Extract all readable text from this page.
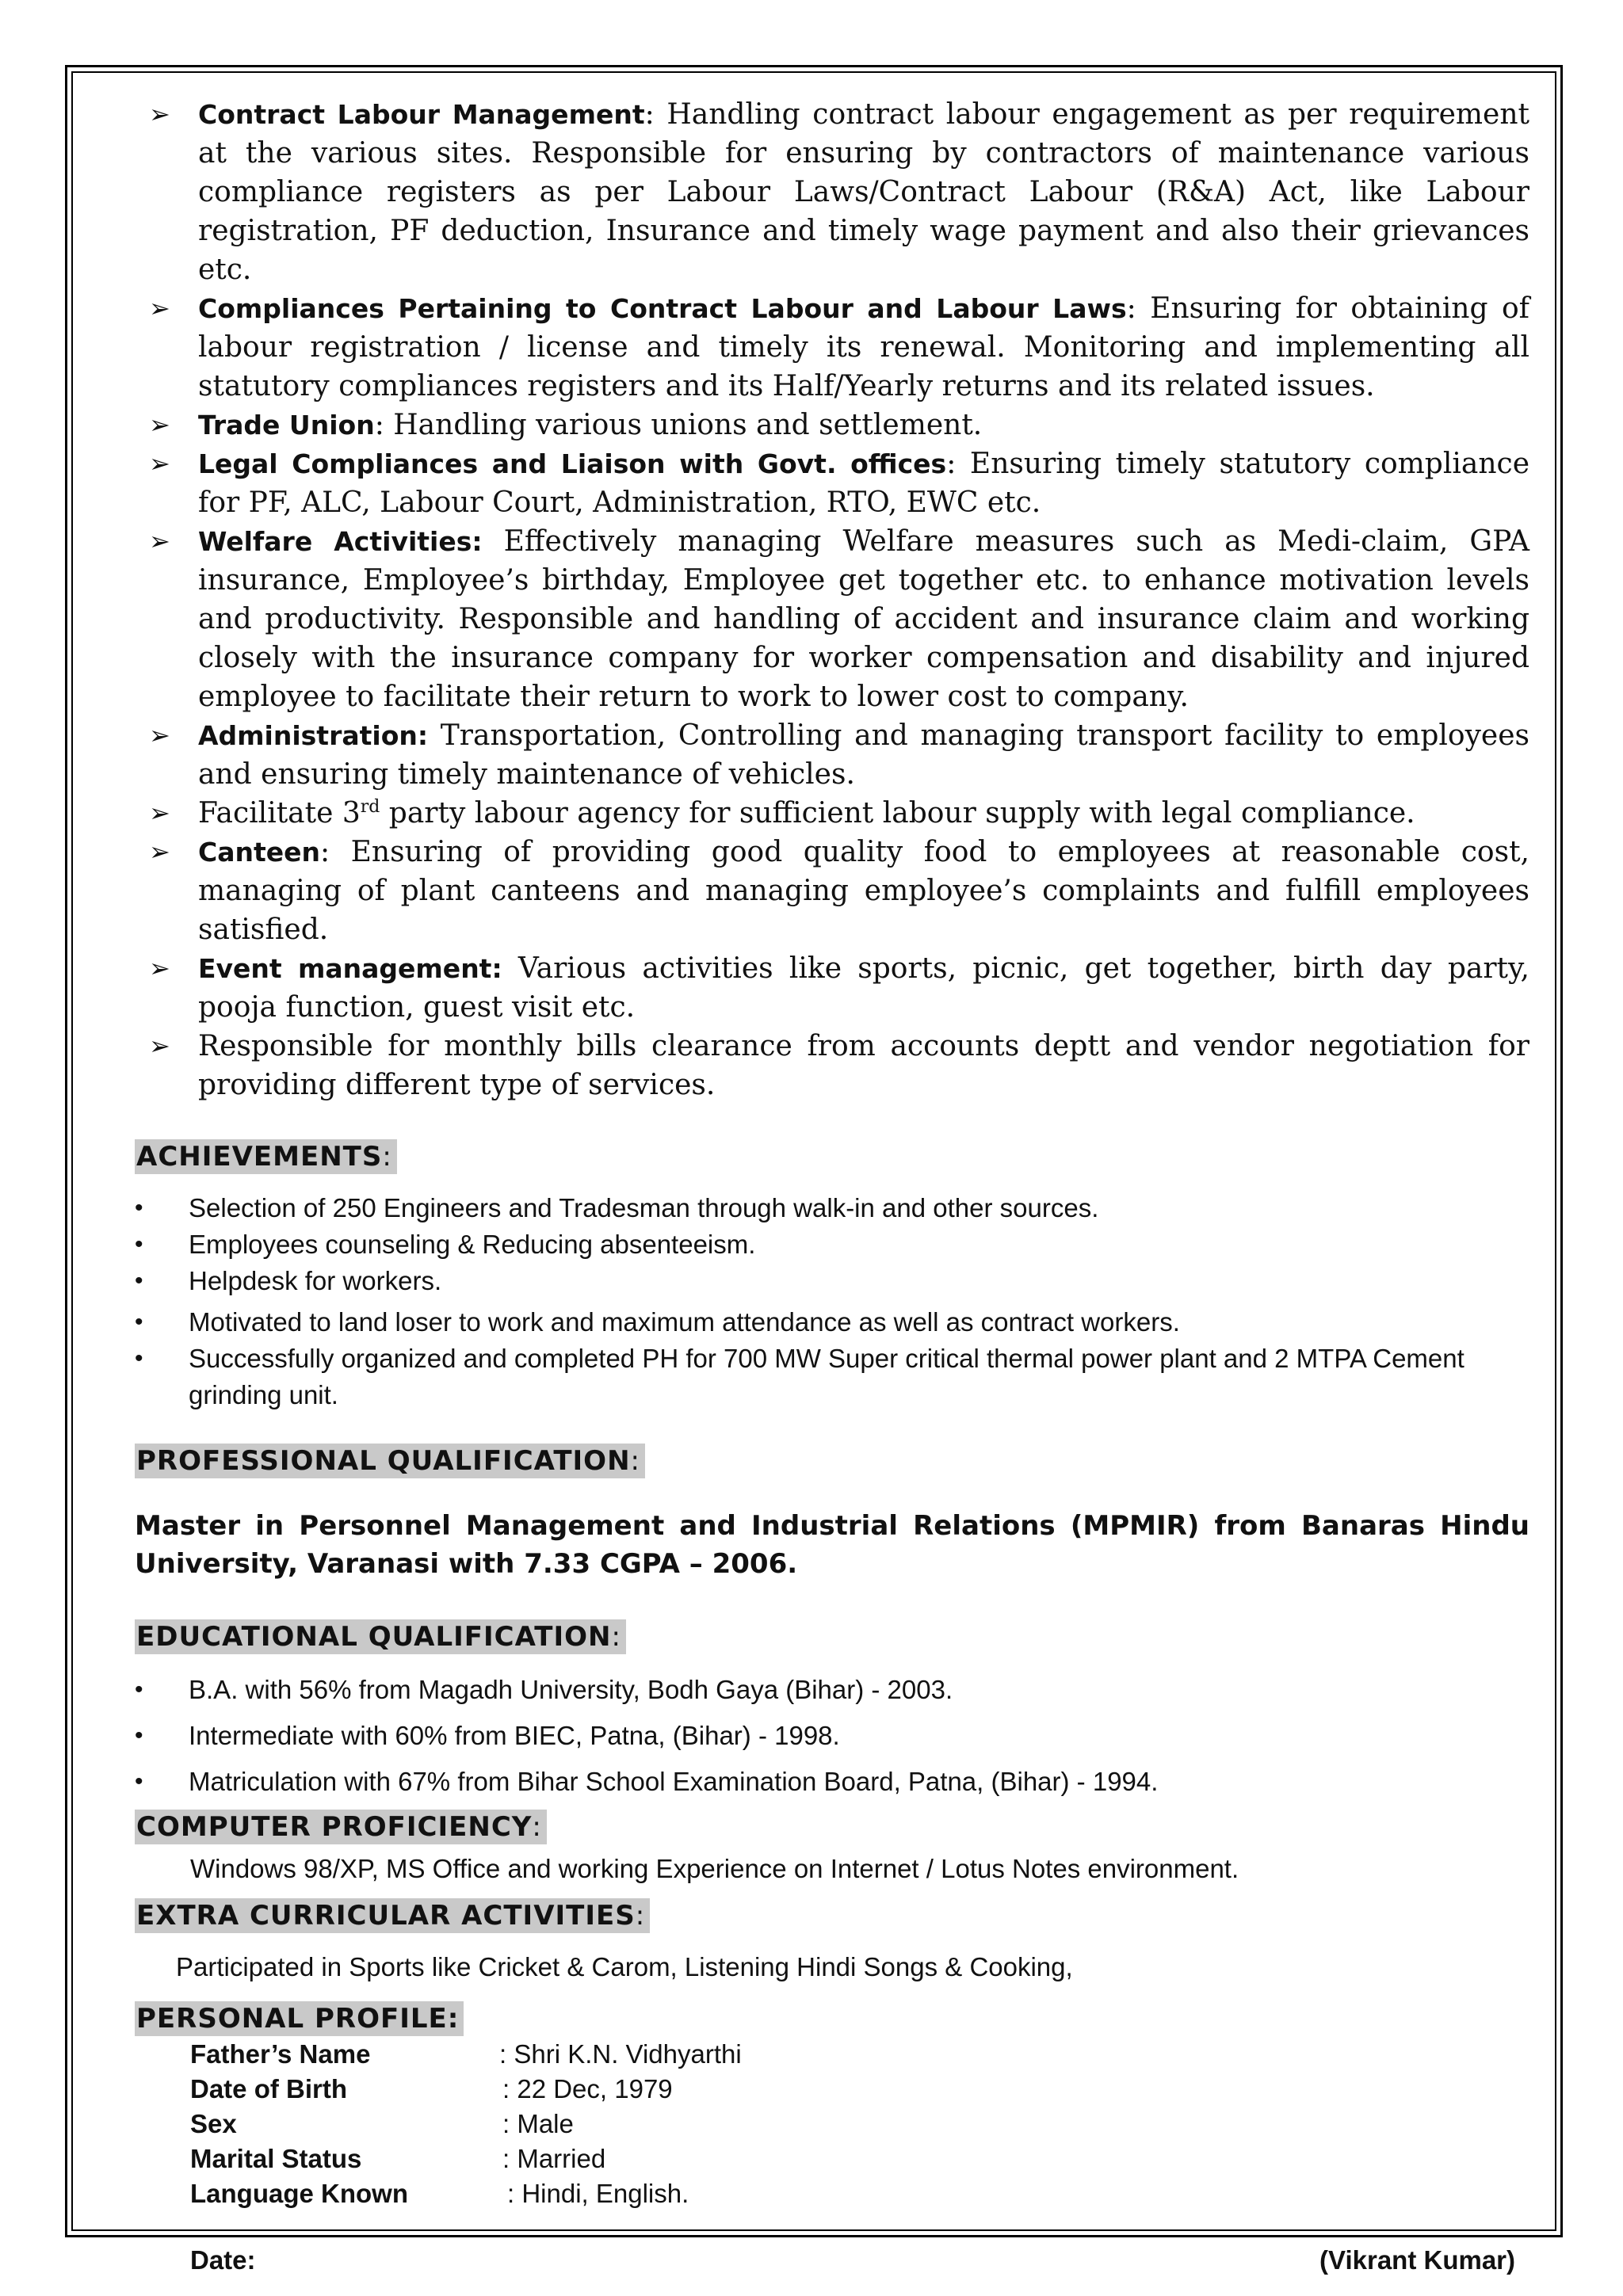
➢ Contract Labour Management: Handling contract labour engagement as per requirement at the various sites. Responsible for ensuring by contractors of maintenance various compliance registers as per Labour Laws/Contract Labour (R&A) Act, like Labour registration, PF deduction, Insurance and timely wage payment and also their grievances etc.
➢ Compliances Pertaining to Contract Labour and Labour Laws: Ensuring for obtaining of labour registration / license and timely its renewal. Monitoring and implementing all statutory compliances registers and its Half/Yearly returns and its related issues.
➢ Trade Union: Handling various unions and settlement.
➢ Legal Compliances and Liaison with Govt. offices: Ensuring timely statutory compliance for PF, ALC, Labour Court, Administration, RTO, EWC etc.
➢ Welfare Activities: Effectively managing Welfare measures such as Medi-claim, GPA insurance, Employee’s birthday, Employee get together etc. to enhance motivation levels and productivity. Responsible and handling of accident and insurance claim and working closely with the insurance company for worker compensation and disability and injured employee to facilitate their return to work to lower cost to company.
➢ Administration: Transportation, Controlling and managing transport facility to employees and ensuring timely maintenance of vehicles.
➢ Facilitate 3rd party labour agency for sufficient labour supply with legal compliance.
➢ Canteen: Ensuring of providing good quality food to employees at reasonable cost, managing of plant canteens and managing employee’s complaints and fulfill employees satisfied.
➢ Event management: Various activities like sports, picnic, get together, birth day party, pooja function, guest visit etc.
➢ Responsible for monthly bills clearance from accounts deptt and vendor negotiation for providing different type of services.
ACHIEVEMENTS:
• Selection of 250 Engineers and Tradesman through walk-in and other sources.
• Employees counseling & Reducing absenteeism.
• Helpdesk for workers.
• Motivated to land loser to work and maximum attendance as well as contract workers.
• Successfully organized and completed PH for 700 MW Super critical thermal power plant and 2 MTPA Cement grinding unit.
PROFESSIONAL QUALIFICATION:
Master in Personnel Management and Industrial Relations (MPMIR) from Banaras Hindu University, Varanasi with 7.33 CGPA – 2006.
EDUCATIONAL QUALIFICATION:
• B.A. with 56% from Magadh University, Bodh Gaya (Bihar) - 2003.
• Intermediate with 60% from BIEC, Patna, (Bihar) - 1998.
• Matriculation with 67% from Bihar School Examination Board, Patna, (Bihar) - 1994.
COMPUTER PROFICIENCY:
Windows 98/XP, MS Office and working Experience on Internet / Lotus Notes environment.
EXTRA CURRICULAR ACTIVITIES:
Participated in Sports like Cricket & Carom, Listening Hindi Songs & Cooking,
PERSONAL PROFILE:
Father’s Name	: Shri K.N. Vidhyarthi
Date of Birth	: 22 Dec, 1979
Sex	: Male
Marital Status	: Married
Language Known	: Hindi, English.
Date:	(Vikrant Kumar)
